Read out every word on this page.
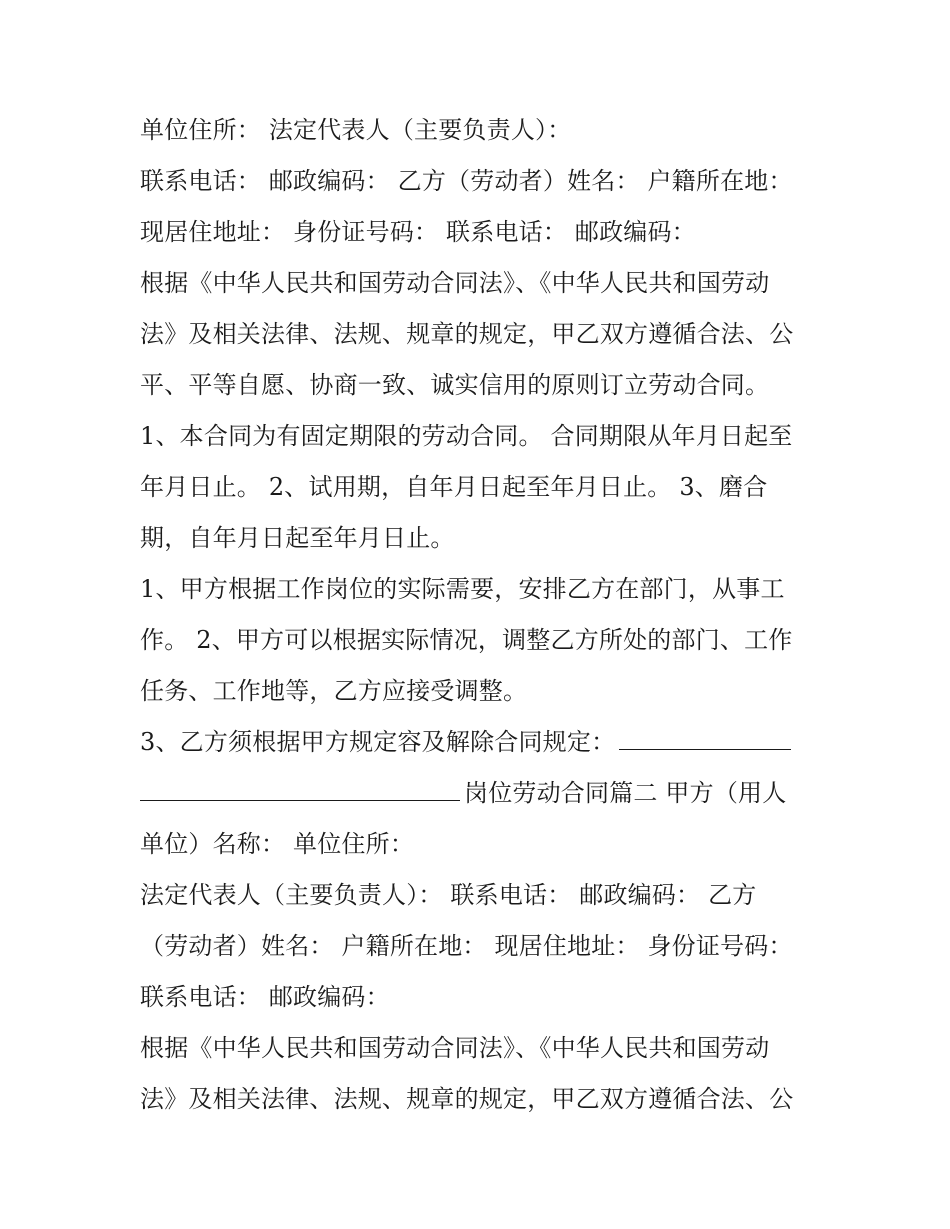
单位住所： 法定代表人（主要负责人）：
联系电话： 邮政编码： 乙方（劳动者）姓名： 户籍所在地：
现居住地址： 身份证号码： 联系电话： 邮政编码：
根据《中华人民共和国劳动合同法》、《中华人民共和国劳动
法》及相关法律、法规、规章的规定，甲乙双方遵循合法、公
平、平等自愿、协商一致、诚实信用的原则订立劳动合同。
1、本合同为有固定期限的劳动合同。 合同期限从年月日起至
年月日止。 2、试用期，自年月日起至年月日止。 3、磨合
期，自年月日起至年月日止。
1、甲方根据工作岗位的实际需要，安排乙方在部门，从事工
作。 2、甲方可以根据实际情况，调整乙方所处的部门、工作
任务、工作地等，乙方应接受调整。
3、乙方须根据甲方规定容及解除合同规定：
岗位劳动合同篇二 甲方（用人
单位）名称： 单位住所：
法定代表人（主要负责人）： 联系电话： 邮政编码： 乙方
（劳动者）姓名： 户籍所在地： 现居住地址： 身份证号码：
联系电话： 邮政编码：
根据《中华人民共和国劳动合同法》、《中华人民共和国劳动
法》及相关法律、法规、规章的规定，甲乙双方遵循合法、公
